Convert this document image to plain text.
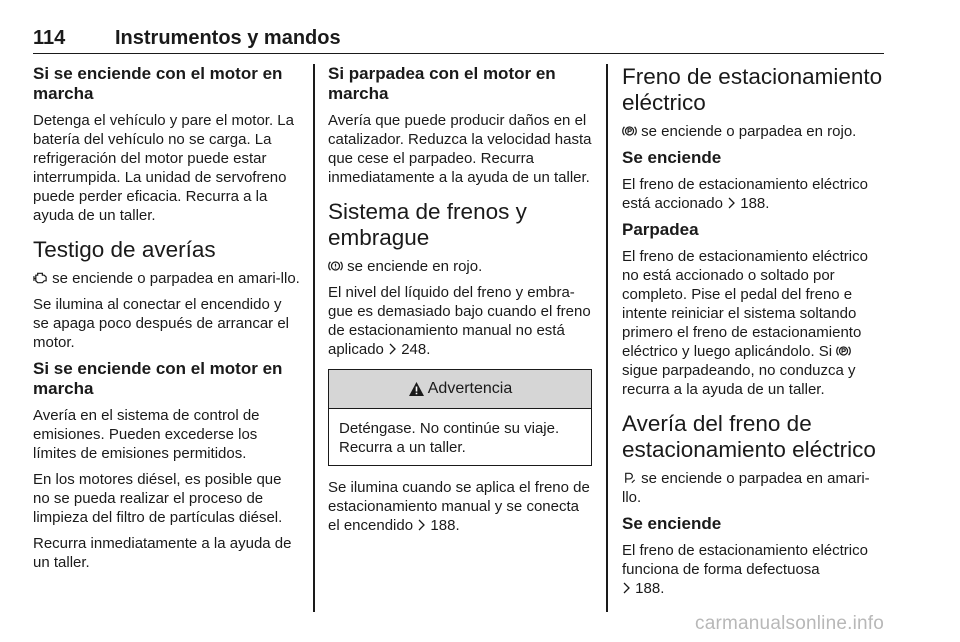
114 Instrumentos y mandos
Si se enciende con el motor en marcha

Detenga el vehículo y pare el motor. La batería del vehículo no se carga. La refrigeración del motor puede estar interrumpida. La unidad de servofreno puede perder eficacia. Recurra a la ayuda de un taller.

Testigo de averías

se enciende o parpadea en amari-llo.

Se ilumina al conectar el encendido y se apaga poco después de arrancar el motor.

Si se enciende con el motor en marcha

Avería en el sistema de control de emisiones. Pueden excederse los límites de emisiones permitidos.

En los motores diésel, es posible que no se pueda realizar el proceso de limpieza del filtro de partículas diésel.

Recurra inmediatamente a la ayuda de un taller.

Si parpadea con el motor en marcha

Avería que puede producir daños en el catalizador. Reduzca la velocidad hasta que cese el parpadeo. Recurra inmediatamente a la ayuda de un taller.

Sistema de frenos y embrague

se enciende en rojo.

El nivel del líquido del freno y embra-gue es demasiado bajo cuando el freno de estacionamiento manual no está aplicado
248.

Advertencia
Deténgase. No continúe su viaje. Recurra a un taller.

Se ilumina cuando se aplica el freno de estacionamiento manual y se conecta el encendido
188.

Freno de estacionamiento eléctrico

se enciende o parpadea en rojo.

Se enciende

El freno de estacionamiento eléctrico está accionado
188.

Parpadea

El freno de estacionamiento eléctrico no está accionado o soltado por completo. Pise el pedal del freno e intente reiniciar el sistema soltando primero el freno de estacionamiento eléctrico y luego aplicándolo. Si
sigue parpadeando, no conduzca y recurra a la ayuda de un taller.

Avería del freno de estacionamiento eléctrico

se enciende o parpadea en amari-llo.

Se enciende

El freno de estacionamiento eléctrico funciona de forma defectuosa

188.

carmanualsonline.info
